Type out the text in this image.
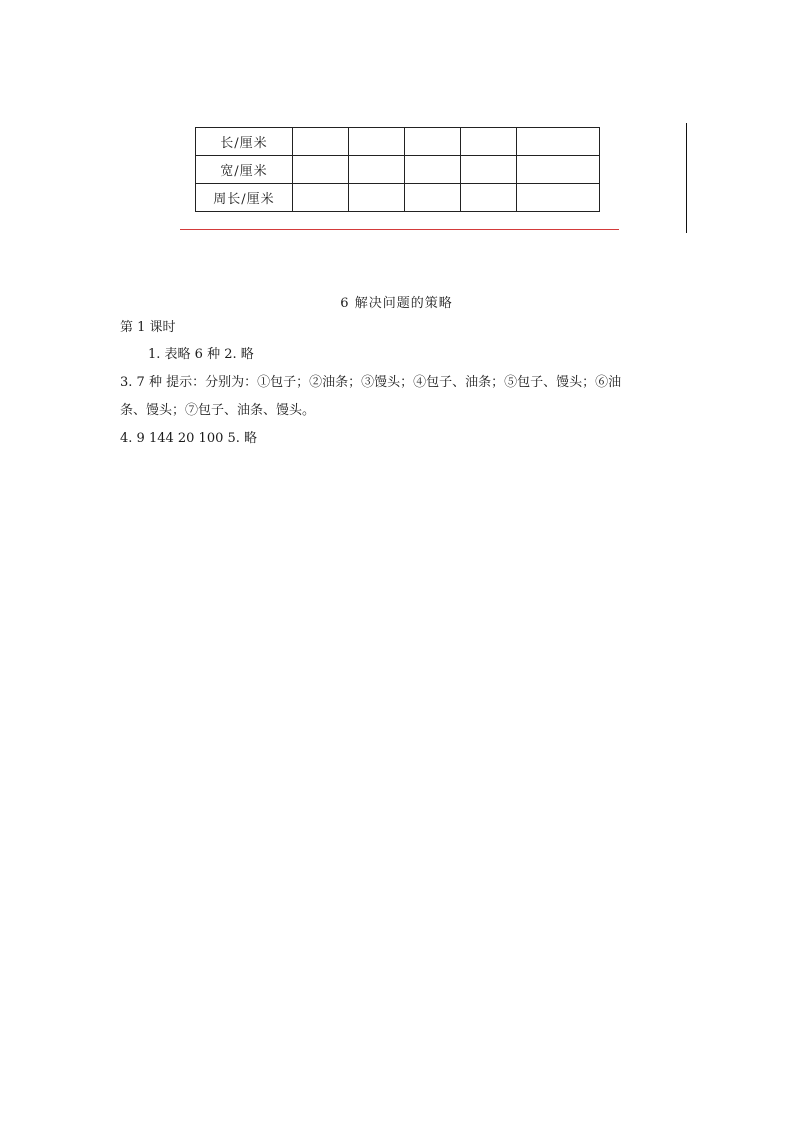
长/厘米					
宽/厘米					
周长/厘米					
6 解决问题的策略
第 1 课时
1. 表略 6 种 2. 略
3. 7 种 提示：分别为：①包子；②油条；③馒头；④包子、油条；⑤包子、馒头；⑥油
条、馒头；⑦包子、油条、馒头。
4. 9 144 20 100 5. 略
